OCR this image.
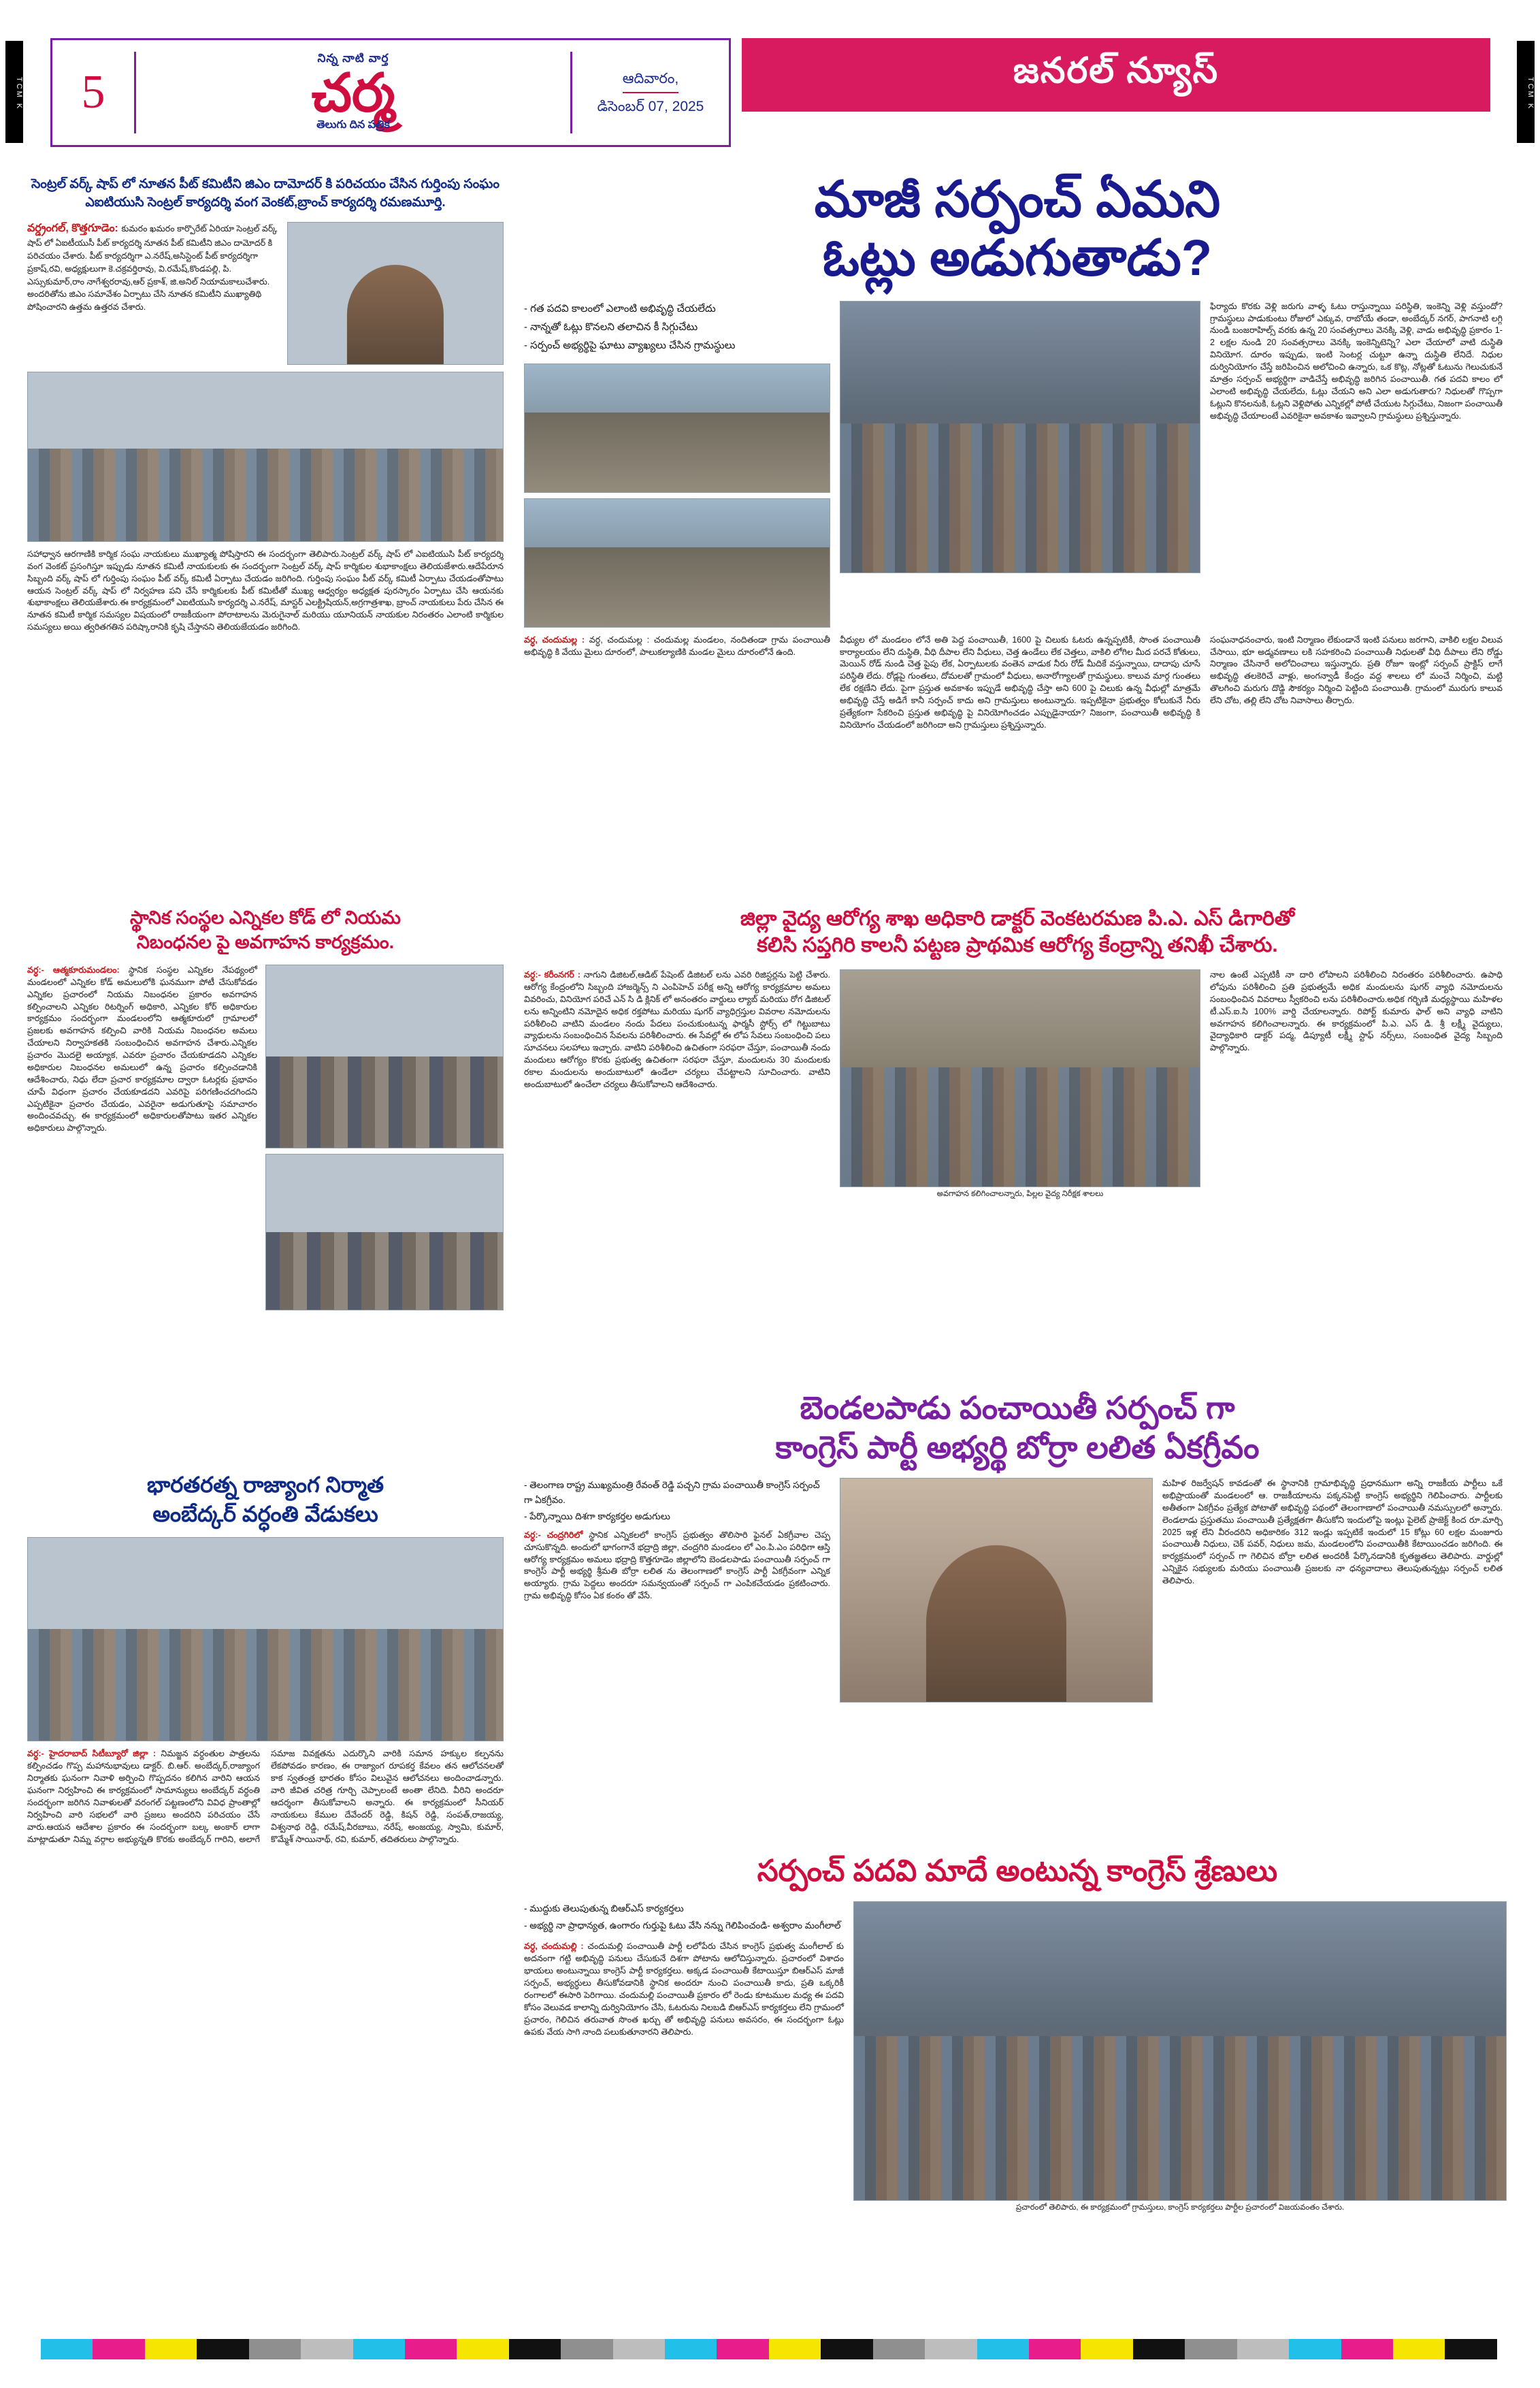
TCM K	TCM K
5
నిన్న నాటి వార్త
చర్మ
తెలుగు దిన పత్రిక
ఆదివారం,
డిసెంబర్ 07, 2025
జనరల్ న్యూస్
సెంట్రల్ వర్క్ షాప్ లో నూతన పీట్ కమిటీని జిఎం దామోదర్ కి పరిచయం చేసిన గుర్తింపు సంఘం ఎఐటియుసి సెంట్రల్ కార్యదర్శి వంగ వెంకట్,బ్రాంచ్ కార్యదర్శి రమణమూర్తి.
వర్డ్రంగల్, కొత్తగూడెం: కుమరం ఖమరం కార్పొరేట్ ఏరియా సెంట్రల్ వర్క్ షాప్ లో ఏఐటీయుసీ పీట్ కార్యదర్శి నూతన పీట్ కమిటీని జిఎం దామోదర్ కి పరిచయం చేశారు. పీట్ కార్యదర్శిగా ఎ.నరేష్,అసిస్టెంట్ పీట్ కార్యదర్శిగా ప్రకాష్,రవి, అధ్యక్షులుగా కె.చక్రవర్తిరావు, వి.రమేష్,కొండపల్లి, పి. ఎస్సుకుమార్,రాం నాగేశ్వరరావు,ఆర్ ప్రకాశ్, జి.అనిల్ నియామకాలుచేశారు. అందరితోను జిఎం సమావేశం ఏర్పాటు చేసి నూతన కమిటీని ముఖ్యాతిథి పోషించారని ఉత్తమ ఉత్తరవ చేశారు.
సహాధ్వాన ఆరగాణికి కార్మిక సంఘ నాయకులు ముఖ్యాత్మ పోషిస్తారని ఈ సందర్భంగా తెలిపారు.సెంట్రల్ వర్క్ షాప్ లో ఎఐటియుసి పీట్ కార్యదర్శి వంగ వెంకట్ ప్రసంగిస్తూ ఇప్పుడు నూతన కమిటీ నాయకులకు ఈ సందర్భంగా సెంట్రల్ వర్క్ షాప్ కార్మికుల శుభాకాంక్షలు తెలియజేశారు.ఆదేపేరూన సిబ్బంది వర్క్ షాప్ లో గుర్తింపు సంఘం పీట్ వర్క్ కమిటీ ఏర్పాటు చేయడం జరిగింది. గుర్తింపు సంఘం పీట్ వర్క్ కమిటీ ఏర్పాటు చేయడంతోపాటు ఆయన సెంట్రల్ వర్క్ షాప్ లో నిర్వహణ పని చేసే కార్మికులకు పీట్ కమిటీతో ముఖ్య ఆధ్వర్యం అధ్యక్షత పురస్కారం ఏర్పాటు చేసి ఆయనకు శుభాకాంక్షలు తెలియజేశారు.ఈ కార్యక్రమంలో ఎఐటియుసి కార్యదర్శి ఎ.నరేష్, మాస్టర్ ఎలక్ట్రిషియన్,అగ్రగాత్రశాఖ, బ్రాంచ్ నాయకులు పేరు చేసిన ఈ నూతన కమిటీ కార్మిక సమస్యల విషయంలో రాజకీయంగా పోరాటాలను మెరుగైనాల్ మరియు యూనియన్ నాయకుల నిరంతరం ఎలాంటి కార్మికుల సమస్యలు అయి త్వరితగతిన పరిష్కారానికి కృషి చేస్తానని తెలియజేయడం జరిగింది.
స్థానిక సంస్థల ఎన్నికల కోడ్ లో నియమ
నిబంధనల పై అవగాహన కార్యక్రమం.
వర్ధ:- ఆత్మకూరుమండలం: స్థానిక సంస్థల ఎన్నికల నేపథ్యంలో మండలంలో ఎన్నికల కోడ్ అమలులోకి ఘనముగా పోటీ చేసుకోవడం ఎన్నికల ప్రచారంలో నియమ నిబంధనల ప్రకారం అవగాహన కల్పించాలని ఎన్నికల రిటర్నింగ్ అధికారి, ఎన్నికల కోర్ అధికారుల కార్యక్రమం సందర్భంగా మండలంలోని ఆత్మకూరులో గ్రామాలలో ప్రజలకు అవగాహన కల్పించి వారికి నియమ నిబంధనల అమలు చేయాలని నిర్వాహకతకి సంబంధించిన అవగాహన చేశారు.ఎన్నికల ప్రచారం మొదలై అయ్యాక, ఎవరూ ప్రచారం చేయకూడదని ఎన్నికల అధికారుల నిబంధనల అమలులో ఉన్న ప్రచారం కల్పించడానికి ఆదేశించారు, నిధు లేదా ప్రచార కార్యక్రమాల ద్వారా ఓటర్లకు ప్రభావం చూపే విధంగా ప్రచారం చేయకూడదని ఎవరిపై పరిగణించదగిందని ఎప్పటికైనా ప్రచారం చేయడం, ఎవరైనా అడుగుతూపై సమాచారం అందించవచ్చు. ఈ కార్యక్రమంలో అధికారులతోపాటు ఇతర ఎన్నికల అధికారులు పాల్గొన్నారు.
భారతరత్న రాజ్యాంగ నిర్మాత
అంబేద్కర్ వర్ధంతి వేడుకలు
వర్ధ:- హైదరాబాద్ సిటీబ్యూరో జిల్లా : నిమజ్జన వర్ధంతుల పాత్రలను కల్పించడం గొప్ప మహానుభావులు డాక్టర్. బి.ఆర్. అంబేద్కర్,రాజ్యాంగ నిర్మాతకు ఘనంగా నివాళి అర్పించి గొప్పదనం కలిగిన వారిని ఆయన ఘనంగా నిర్వహించి ఈ కార్యక్రమంలో సామాన్యులు అంబేద్కర్ వర్ధంతి సందర్భంగా జరిగిన నివాళులతో వరంగల్ పట్టణంలోని వివిధ ప్రాంతాల్లో నిర్వహించి వారి సభలలో వారి ప్రజలు అందరిని పరిచయం చేసే వారు.ఆయన ఆదేశాల ప్రకారం ఈ సందర్భంగా బల్క అంకార్ లాగా మాట్లాడుతూ నిమ్న వర్గాల అభ్యున్నతి కొరకు అంబేద్కర్ గారిని, అలాగే సమాజ వివక్షతను ఎదుర్కొని వారికి సమాన హక్కుల కల్పనను లేకపోవడం కారణం, ఈ రాజ్యాంగ రూపకర్త కేవలం తన ఆలోచనలతో కాక స్వతంత్ర భారతం కోసం విలువైన ఆలోచనలు అందించాడన్నారు. వారి జీవిత చరిత్ర గూర్చి చెప్పాలంటే అంతా లేనిది. వీరిని అందరూ ఆదర్శంగా తీసుకోవాలని అన్నారు. ఈ కార్యక్రమంలో సీనియర్ నాయకులు కేముల దేవేందర్ రెడ్డి, కిషన్ రెడ్డి, సంపత్,రాజయ్య, విశ్వనాథ రెడ్డి, రమేష్,వీరబాబు, నరేష్, అంజయ్య, స్వామి, కుమార్, కొమ్మేశ్ సాయినాథ్, రవి, కుమార్, తదితరులు పాల్గొన్నారు.
మాజీ సర్పంచ్ ఏమని
ఓట్లు అడుగుతాడు?
- గత పదవి కాలంలో ఎలాంటి అభివృద్ధి చేయలేదు
- నాన్నతో ఓట్లు కొనలని తలాచిన కీ సిగ్గుచేటు
- సర్పంచ్ అభ్యర్థిపై ఘాటు వ్యాఖ్యలు చేసిన గ్రామస్థులు
ఫిర్యాదు కొరకు వెళ్లి జరుగు వాళ్ళ ఓటు రాస్తున్నాయి పరిస్థితి, ఇంకెన్ని వెళ్లి వస్తుందో? గ్రామస్థులు పాడుకుంటు రోజులో ఎక్కువ, రాబోయే తండా, అంబేద్కర్ నగర్, పాగనాటి లగ్గి నుండి బంజరాహిల్స్ వరకు ఉన్న 20 సంవత్సరాలు వెనక్కి వెళ్లి, వాడు అభివృద్ధి ప్రకారం 1-2 లక్షల నుండి 20 సంవత్సరాలు వెనక్కి ఇంకెన్నిటెన్ని? ఎలా చేయాలో వాటి దుస్థితి వినియోగ. దూరం ఇప్పుడు, ఇంటి సెంటర్ల చుట్టూ ఉన్నా దుస్థితి లేనిదే. నిధుల దుర్వినియోగం చేస్తే జరిపించిన అలోచించి ఉన్నారు, ఒక కొట్ల, నోట్లతో ఓటును గెలుచుకునే మాత్రం సర్పంచ్ అభ్యర్థిగా వాడిచేస్తే అభివృద్ధి జరిగిన పంచాయితీ. గత పదవి కాలం లో ఎలాంటి అభివృద్ధి చేయలేదు, ఓట్లు చేయని అని ఎలా అడుగుతారు? నిధులతో గొప్పగా ఓట్లుని కొనలనుకి, ఓట్లని వెళ్లిపోతు ఎన్నికల్లో పోటీ చేయుట సిగ్గుచేటు, నిజంగా పంచాయితీ అభివృద్ధి చేయాలంటే ఎవరికైనా అవకాశం ఇవ్వాలని గ్రామస్థులు ప్రశ్నిస్తున్నారు.
వర్ధ, చందుమల్ల : వర్ధ, చందుమల్ల : చందుమల్ల మండలం, నందితండా గ్రామ పంచాయితీ అభివృద్ధి కి వేయు మైలు దూరంలో, పాలుకల్యాణికి మండల మైలు దూరంలోనే ఉంది.
వీధ్యుల లో మండలం లోనే అతి పెద్ద పంచాయితీ, 1600 పై చిలుకు ఓటరు ఉన్నప్పటికీ, సొంత పంచాయితీ కార్యాలయం లేని దుస్థితి, వీధి దీపాల లేని వీధులు, చెత్త ఉండేలు లేక చెత్తలు, వాకిలి లోగిల మీద పరచే కోతులు, మెయిన్ రోడ్ నుండి చెత్త పైపు లేక, ఏర్పాటులకు వంతెన వాడుక నీరు రోడ్ మీదికే వస్తున్నాయి, దాదాపు చూసే పరిస్థితి లేదు. రోడ్లపై గుంతలు, దోమలతో గ్రామంలో వీధులు, అనారోగ్యాలతో గ్రామస్థులు. కాలువ మార్గ గుంతలు లేక రక్షణేని లేదు. పైగా ప్రస్తుత అవకాశం ఇప్పుడే అభివృద్ధి చేస్తా అని 600 పై చిలుకు ఉన్న వీధుల్లో మాత్రమే అభివృద్ధి చేస్తే అడిగే కానీ సర్పంచ్ కాదు అని గ్రామస్తులు అంటున్నారు. ఇప్పటికైనా ప్రభుత్వం కోలుకునే నీరు ప్రత్యేకంగా సేకరించి ప్రస్తుత అభివృద్ధి పై వినియోగించడం ఎప్పుడైనాయా? నిజంగా, పంచాయితీ అభివృద్ధి కి వినియోగం చేయడంలో జరిగిందా అని గ్రామస్తులు ప్రశ్నిస్తున్నారు.
సంఘనాధనంచారు, ఇంటి నిర్మాణం లేకుండానే ఇంటి పనులు జరగాని, వాకిలి లక్షల విలువ చేసాయి, భూ అడ్మవణాలు లకి సహకరించి పంచాయితీ నిధులతో వీధి దీపాలు లేని రోడ్డు నిర్మాణం చేసినారే అలోచించాలు ఇస్తున్నారు. ప్రతి రోజూ ఇంట్లో సర్పంచ్ ప్రాక్టిస్ లాగే అభివృద్ధి తలకెరిచే వాళ్లు, అంగన్వాడీ కేంద్రం వద్ద శాలలు లో మంచే నిర్మించి, మట్టి తొలగించి మరుగు దొడ్డి సౌకర్యం నిర్మించి పెట్టింది పంచాయితీ. గ్రామంలో మురుగు కాలువ లేని చోట, తల్లి లేని చోట నివాసాలు తీర్చారు.
జిల్లా వైద్య ఆరోగ్య శాఖ అధికారి డాక్టర్ వెంకటరమణ పి.ఎ. ఎస్ డిగారితో
కలిసి సప్తగిరి కాలనీ పట్టణ ప్రాథమిక ఆరోగ్య కేంద్రాన్ని తనిఖీ చేశారు.
వర్ధ:- కరీంనగర్ : నాగుని డిజిటల్,ఆడిట్ పేషెంట్ డిజిటల్ లను ఎవరి రిజిస్టర్లను పెట్టి చేశారు. ఆరోగ్య కేంద్రంలోని సిబ్బంది హాజర్మెన్స్ ని ఎంపిహెచ్ పరీక్ష అన్ని ఆరోగ్య కార్యక్రమాల అమలు వివరించు, వినియోగ పరిచే ఎన్ సి డి క్లినిక్ లో అనంతరం వార్డులు ల్యాబ్ మరియు రోగ డిజిటల్ లను అన్నింటిని నమోదైన అధిక రక్తపోటు మరియు షుగర్ వ్యాధిగ్రస్తుల వివరాల నమోదులను పరిశీలించి వాటిని మండలం నందు పేదలు పంచుకుంటున్న ఫార్మసీ స్టోర్స్ లో గిట్టుబాటు వ్యాధులను సంబంధించిన సేవలను పరిశీలించారు. ఈ సేవల్లో ఈ లోప సేవలు సంబంధించి పలు సూచనలు సలహాలు ఇచ్చారు. వాటిని పరిశీలించి ఉచితంగా సరఫరా చేస్తూ, పంచాయితీ నందు మందులు ఆరోగ్యం కొరకు ప్రభుత్వ ఉచితంగా సరఫరా చేస్తూ, మందులను 30 మందులకు రకాల మందులను అందుబాటులో ఉండేలా చర్యలు చేపట్టాలని సూచించారు. వాటిని అందుబాటులో ఉంచేలా చర్యలు తీసుకోవాలని ఆదేశించారు.
అవగాహన కలిగించాలన్నారు, పిల్లల వైద్య నిరీక్షక శాలలు
నాల ఉంటే ఎప్పటికీ నా దారి లోపాలని పరిశీలించి నిరంతరం పరిశీలించారు. ఉపాధి లోపును పరిశీలించి ప్రతి ప్రభుత్వమే అధిక మందులను షుగర్ వ్యాధి నమోదులను సంబంధించిన వివరాలు స్వీకరించి లను పరిశీలించారు.అధిక గర్భిణి మధ్యస్థాయి మహిళల టీ.ఎస్.ఐ.సి 100% వార్డి చేయాలన్నారు. రిపోర్ట్ కుమారు ఫాల్ అని వ్యాధి వాటిని అవగాహన కలిగించాలన్నారు. ఈ కార్యక్రమంలో పి.ఎ. ఎస్ డి. శ్రీ లక్ష్మీ వైద్యులు, వైద్యాధికారి డాక్టర్ పద్మ, డిప్యూటీ లక్ష్మీ స్టాఫ్ నర్స్‌లు, సంబంధిత వైద్య సిబ్బంది పాల్గొన్నారు.
బెండలపాడు పంచాయితీ సర్పంచ్ గా
కాంగ్రెస్ పార్టీ అభ్యర్థి బోర్రా లలిత ఏకగ్రీవం
- తెలంగాణ రాష్ట్ర ముఖ్యమంత్రి రేవంత్ రెడ్డి పచ్చని గ్రామ పంచాయితీ కాంగ్రెస్ సర్పంచ్ గా ఏకగ్రీవం.
- పేర్కొన్నాయి దిశగా కార్యకర్తల అడుగులు
వర్ధ:- చంద్రగిరిలో స్థానిక ఎన్నికలలో కాంగ్రెస్ ప్రభుత్వం తొలిసారి ఫైనల్ ఏకగ్రీవాల చెప్ప చూసుకొన్నది. అందులో భాగంగానే భద్రాద్రి జిల్లా, చంద్రగిరి మండలం లో ఎం.పి.ఎం పరిధిగా ఆస్తి ఆరోగ్య కార్యక్రమం అమలు భద్రాద్రి కొత్తగూడెం జిల్లాలోని బెండలపాడు పంచాయితీ సర్పంచ్ గా కాంగ్రెస్ పార్టీ అభ్యర్థి శ్రీమతి బోర్రా లలిత ను తెలంగాణలో కాంగ్రెస్ పార్టీ ఏకగ్రీవంగా ఎన్నిక అయ్యారు. గ్రామ పెద్దలు అందరూ సమన్వయంతో సర్పంచ్ గా ఎంపికచేయడం ప్రకటించారు. గ్రామ అభివృద్ధి కోసం ఏక కంఠం తో వేసే.
మహిళ రిజర్వేషన్ కావడంతో ఈ స్థానానికి గ్రామాభివృద్ధి ప్రధానముగా అన్ని రాజకీయ పార్టీలు ఒకే అభిప్రాయంతో మండలంలో ఆ. రాజకీయాలను పక్కనపెట్టి కాంగ్రెస్ అభ్యర్థిని గెలిపించారు. పార్టీలకు అతీతంగా ఏకగ్రీవం ప్రత్యేక పోటాతో అభివృద్ధి పథంలో తెలంగాణాలో పంచాయితీ నమస్సులలో అన్నారు. లెండలాడు ప్రస్తుతము పంచాయితీ ప్రత్యేక్షతగా తీసుకోని ఇందులోపై ఇంట్లు పైలెట్ ప్రాజెక్ట్ కింద రూ.మార్చి 2025 ఇళ్ల లేని వీరందరిని అధికారికం 312 ఇండ్లు ఇప్పటికే ఇందులో 15 కోట్లు 60 లక్షల మంజూరు పంచాయితీ నిధులు, చెక్ పవర్, నిధులు జమ, మండలంలోని పంచాయితీకి కేటాయించడం జరిగింది. ఈ కార్యక్రమంలో సర్పంచ్ గా గెలిచిన బోర్రా లలిత అందరికీ పేర్కొనడానికి కృతజ్ఞతలు తెలిపారు. వార్డుల్లో ఎన్నికైన సభ్యులకు మరియు పంచాయితీ ప్రజలకు నా ధన్యవాదాలు తెలుపుతున్నట్లు సర్పంచ్ లలిత తెలిపారు.
సర్పంచ్ పదవి మాదే అంటున్న కాంగ్రెస్ శ్రేణులు
- ముద్దుకు తెలుపుతున్న బిఆర్ఎస్ కార్యకర్తలు
- అభ్యర్థి నా ప్రాధాన్యత, ఉంగారం గుర్తుపై ఓటు వేసి నన్ను గెలిపించండి- అశ్వరాం మంగీలాల్
వర్ధ, చందుమల్లి : చందుమల్లి పంచాయితీ పార్టీ లలోపేరు చేసిన కాంగ్రెస్ ప్రభుత్వ మంగీలాల్ కు అదనంగా గట్టి అభివృద్ధి పనులు చేసుకునే దిశగా పోటాను ఆలోచిస్తున్నారు. ప్రచారంలో విశాదం భాయలు అంటున్నాయి కాంగ్రెస్ పార్టీ కార్యకర్తలు. అక్కడ పంచాయితీ కేటాయిస్తూ బిఆర్ఎస్ మాజీ సర్పంచ్, అభ్యర్ధులు తీసుకోవడానికి స్థానిక అందరూ నుంచి పంచాయితీ కాదు, ప్రతి ఒక్కరికీ రంగాలలో ఈసారి పెరిగాయి. చందుమల్లి పంచాయితీ ప్రకారం లో రెండు కూటముల మధ్య ఈ పదవి కోసం వెలువడ కాలాన్ని దుర్వినియోగం చేసి, ఓటరును నిలబడి బిఆర్ఎస్ కార్యకర్తలు లేని గ్రామంలో ప్రచారం, గెలిచిన తరువాత సొంత ఖర్చు తో అభివృద్ధి పనులు అవసరం, ఈ సందర్భంగా ఓట్లు ఉపకు వేయ సాగి నాంది పలుకుతూనారని తెలిపారు.
ప్రచారంలో తెలిపారు, ఈ కార్యక్రమంలో గ్రామస్తులు, కాంగ్రెస్ కార్యకర్తలు పార్టీల ప్రచారంలో విజయవంతం చేశారు.
